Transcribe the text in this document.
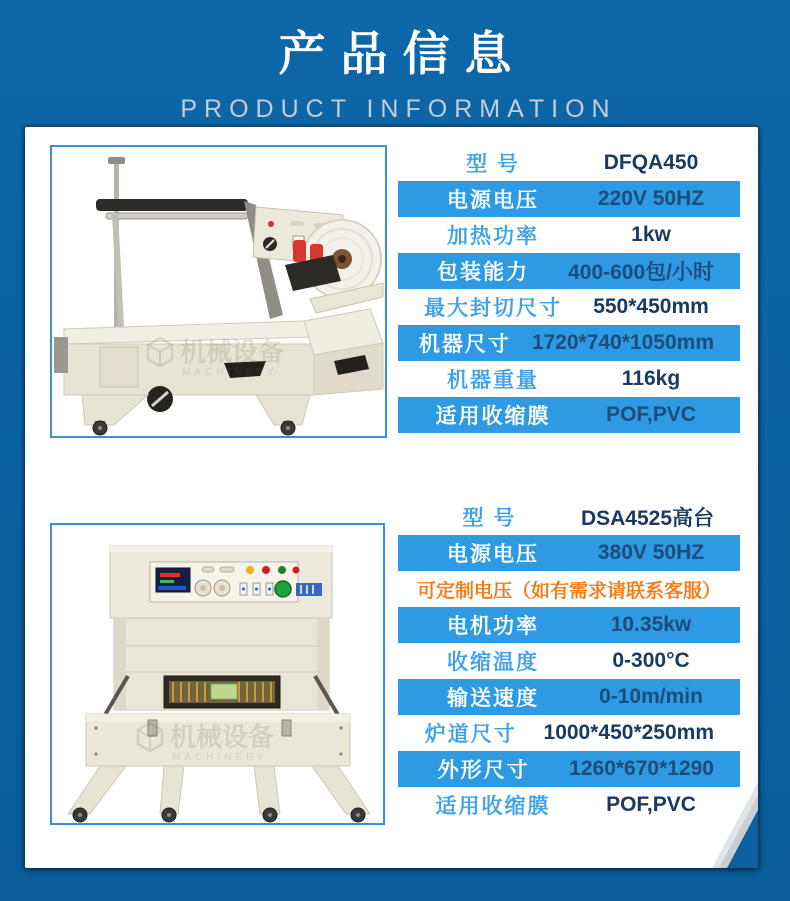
产品信息
PRODUCT INFORMATION
机械设备
MACHINERY
型 号	DFQA450
电源电压	220V 50HZ
加热功率	1kw
包装能力	400-600包/小时
最大封切尺寸	550*450mm
机器尺寸 1720*740*1050mm
机器重量	116kg
适用收缩膜	POF,PVC
机械设备
MACHINERY
型 号	DSA4525高台
电源电压	380V 50HZ
可定制电压（如有需求请联系客服）
电机功率	10.35kw
收缩温度	0-300°C
输送速度	0-10m/min
炉道尺寸	1000*450*250mm
外形尺寸	1260*670*1290
适用收缩膜	POF,PVC
